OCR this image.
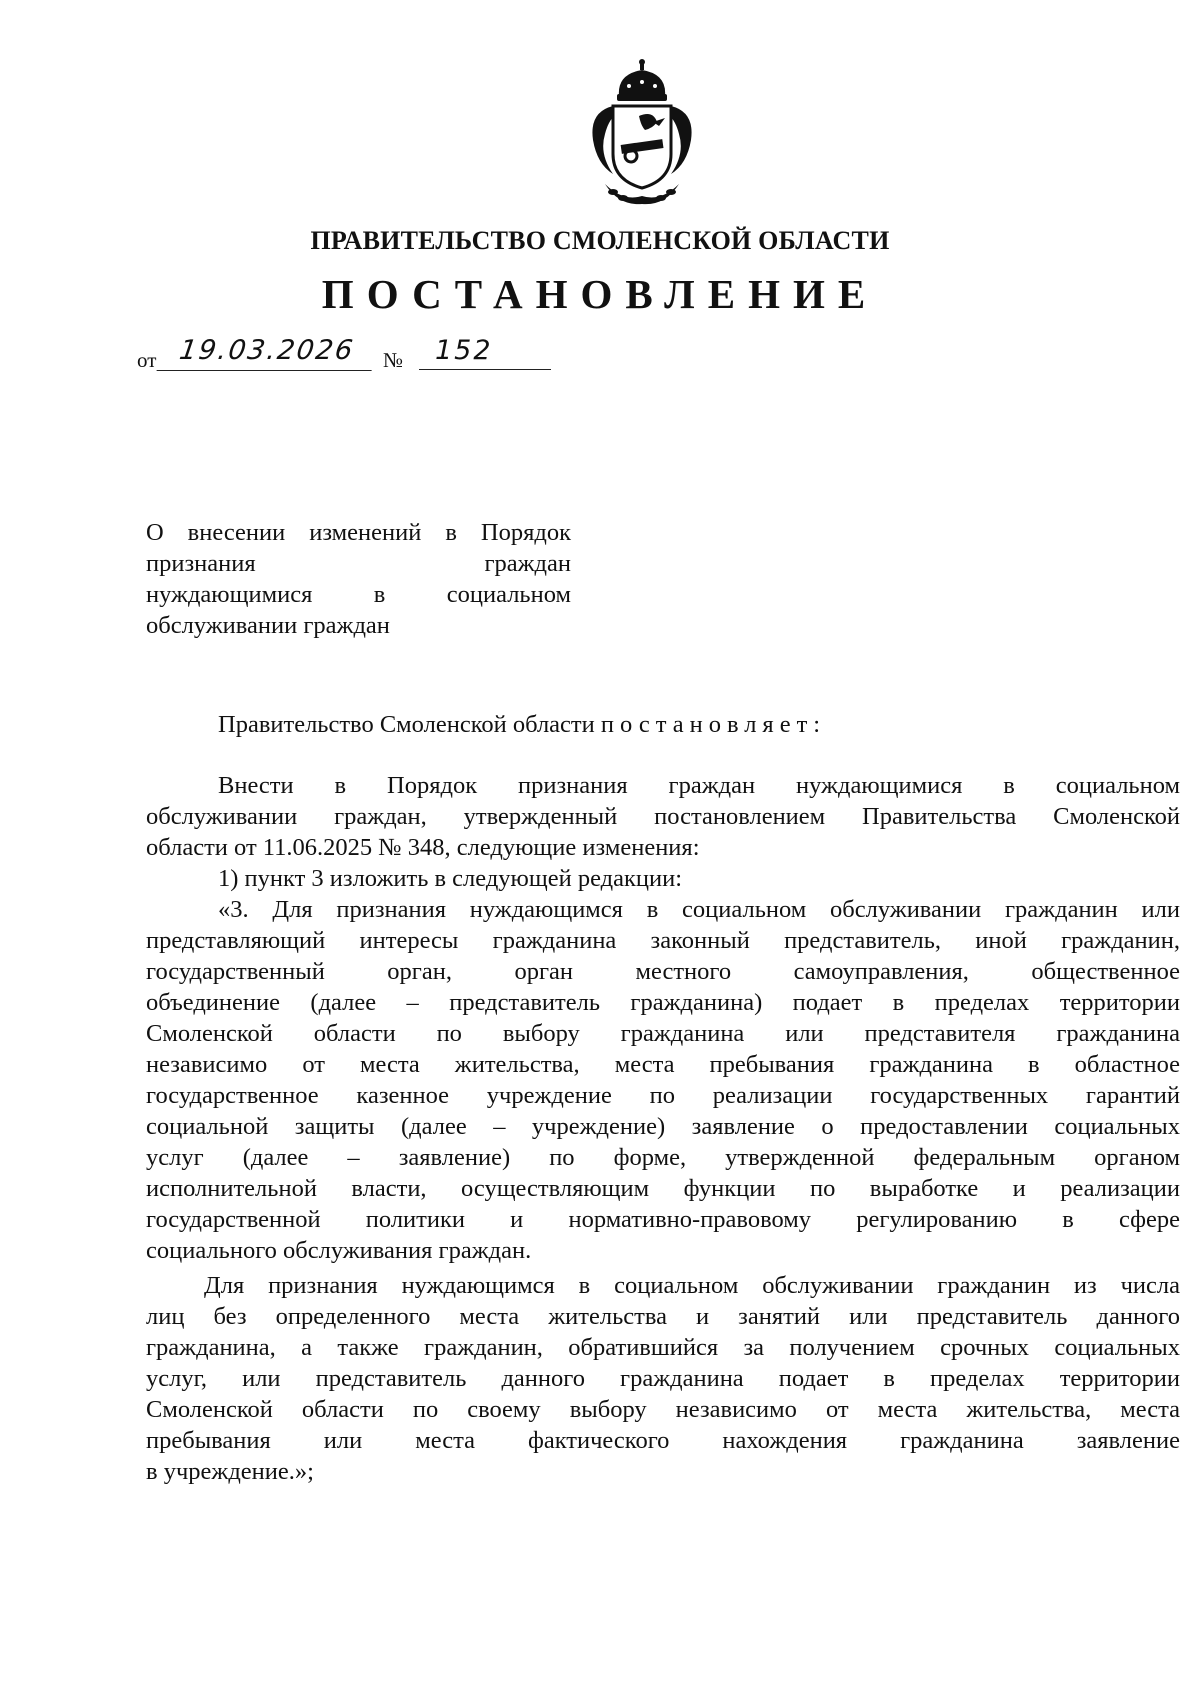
ПРАВИТЕЛЬСТВО СМОЛЕНСКОЙ ОБЛАСТИ
ПОСТАНОВЛЕНИЕ
от 19.03.2026	№	152
О внесении изменений в Порядок
признания граждан
нуждающимися в социальном
обслуживании граждан
Правительство Смоленской области постановляет:
Внести в Порядок признания граждан нуждающимися в социальном
обслуживании граждан, утвержденный постановлением Правительства Смоленской
области от 11.06.2025 № 348, следующие изменения:
1) пункт 3 изложить в следующей редакции:
«3. Для признания нуждающимся в социальном обслуживании гражданин или
представляющий интересы гражданина законный представитель, иной гражданин,
государственный орган, орган местного самоуправления, общественное
объединение (далее – представитель гражданина) подает в пределах территории
Смоленской области по выбору гражданина или представителя гражданина
независимо от места жительства, места пребывания гражданина в областное
государственное казенное учреждение по реализации государственных гарантий
социальной защиты (далее – учреждение) заявление о предоставлении социальных
услуг (далее – заявление) по форме, утвержденной федеральным органом
исполнительной власти, осуществляющим функции по выработке и реализации
государственной политики и нормативно-правовому регулированию в сфере
социального обслуживания граждан.
Для признания нуждающимся в социальном обслуживании гражданин из числа
лиц без определенного места жительства и занятий или представитель данного
гражданина, а также гражданин, обратившийся за получением срочных социальных
услуг, или представитель данного гражданина подает в пределах территории
Смоленской области по своему выбору независимо от места жительства, места
пребывания или места фактического нахождения гражданина заявление
в учреждение.»;
